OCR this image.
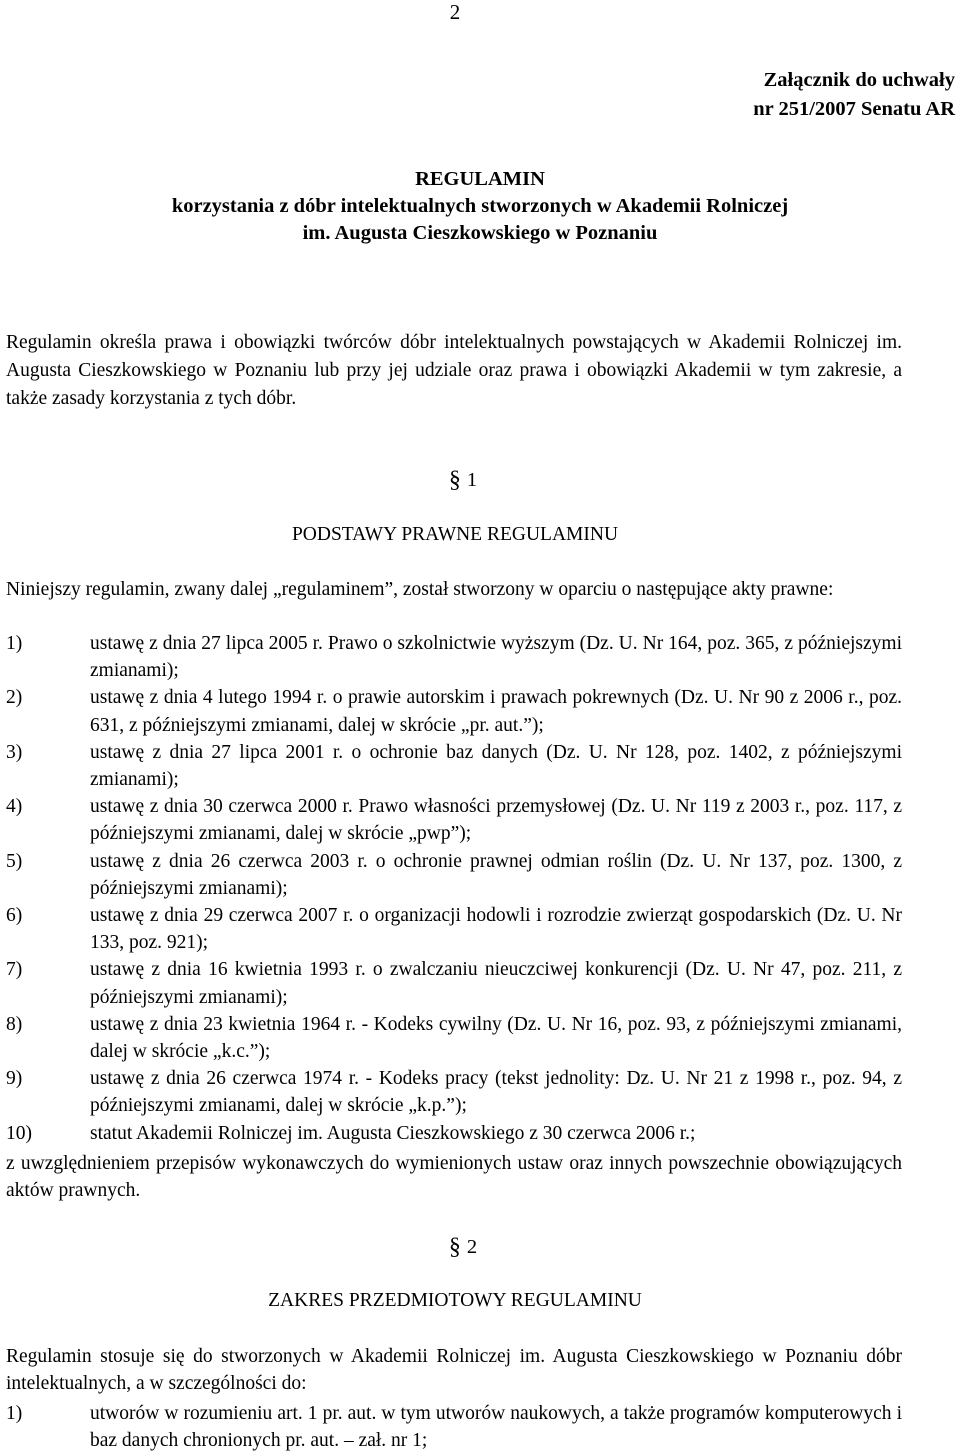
2
Załącznik do uchwały
nr 251/2007 Senatu AR
REGULAMIN
korzystania z dóbr intelektualnych stworzonych w Akademii Rolniczej
im. Augusta Cieszkowskiego w Poznaniu

Regulamin określa prawa i obowiązki twórców dóbr intelektualnych powstających w Akademii Rolniczej im. Augusta Cieszkowskiego w Poznaniu lub przy jej udziale oraz prawa i obowiązki Akademii w tym zakresie, a także zasady korzystania z tych dóbr.

§ 1
PODSTAWY PRAWNE REGULAMINU

Niniejszy regulamin, zwany dalej „regulaminem”, został stworzony w oparciu o następujące akty prawne:

1)	ustawę z dnia 27 lipca 2005 r. Prawo o szkolnictwie wyższym (Dz. U. Nr 164, poz. 365, z późniejszymi zmianami);
2)	ustawę z dnia 4 lutego 1994 r. o prawie autorskim i prawach pokrewnych (Dz. U. Nr 90 z 2006 r., poz. 631, z późniejszymi zmianami, dalej w skrócie „pr. aut.”);
3)	ustawę z dnia 27 lipca 2001 r. o ochronie baz danych (Dz. U. Nr 128, poz. 1402, z późniejszymi zmianami);
4)	ustawę z dnia 30 czerwca 2000 r. Prawo własności przemysłowej (Dz. U. Nr 119 z 2003 r., poz. 117, z późniejszymi zmianami, dalej w skrócie „pwp”);
5)	ustawę z dnia 26 czerwca 2003 r. o ochronie prawnej odmian roślin (Dz. U. Nr 137, poz. 1300, z późniejszymi zmianami);
6)	ustawę z dnia 29 czerwca 2007 r. o organizacji hodowli i rozrodzie zwierząt gospodarskich (Dz. U. Nr 133, poz. 921);
7)	ustawę z dnia 16 kwietnia 1993 r. o zwalczaniu nieuczciwej konkurencji (Dz. U. Nr 47, poz. 211, z późniejszymi zmianami);
8)	ustawę z dnia 23 kwietnia 1964 r. - Kodeks cywilny (Dz. U. Nr 16, poz. 93, z późniejszymi zmianami, dalej w skrócie „k.c.”);
9)	ustawę z dnia 26 czerwca 1974 r. - Kodeks pracy (tekst jednolity: Dz. U. Nr 21 z 1998 r., poz. 94, z późniejszymi zmianami, dalej w skrócie „k.p.”);
10)	statut Akademii Rolniczej im. Augusta Cieszkowskiego z 30 czerwca 2006 r.;

z uwzględnieniem przepisów wykonawczych do wymienionych ustaw oraz innych powszechnie obowiązujących aktów prawnych.

§ 2
ZAKRES PRZEDMIOTOWY REGULAMINU

Regulamin stosuje się do stworzonych w Akademii Rolniczej im. Augusta Cieszkowskiego w Poznaniu dóbr intelektualnych, a w szczególności do:

1)	utworów w rozumieniu art. 1 pr. aut. w tym utworów naukowych, a także programów komputerowych i baz danych chronionych pr. aut. – zał. nr 1;
